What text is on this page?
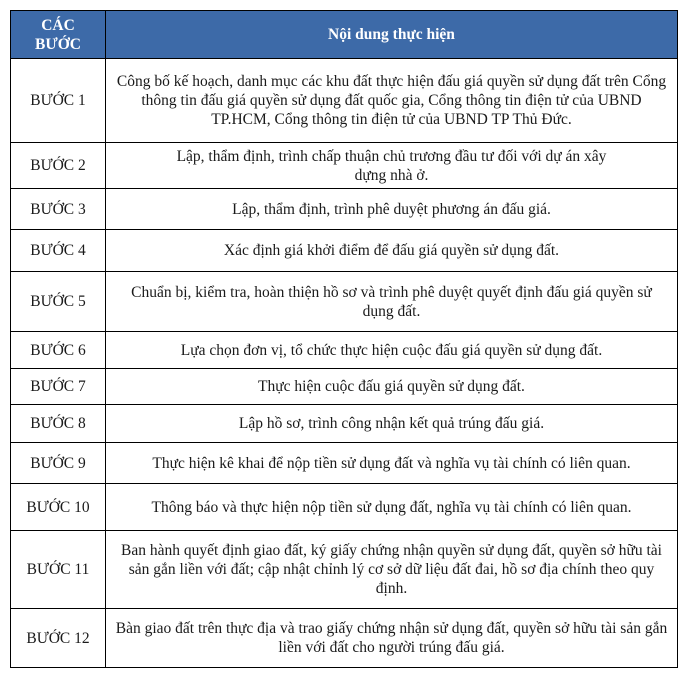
CÁC
BƯỚC	Nội dung thực hiện
BƯỚC 1	Công bố kế hoạch, danh mục các khu đất thực hiện đấu giá quyền sử dụng đất trên Cổng thông tin đấu giá quyền sử dụng đất quốc gia, Cổng thông tin điện tử của UBND TP.HCM, Cổng thông tin điện tử của UBND TP Thủ Đức.
BƯỚC 2	Lập, thẩm định, trình chấp thuận chủ trương đầu tư đối với dự án xây dựng nhà ở.
BƯỚC 3	Lập, thẩm định, trình phê duyệt phương án đấu giá.
BƯỚC 4	Xác định giá khởi điểm để đấu giá quyền sử dụng đất.
BƯỚC 5	Chuẩn bị, kiểm tra, hoàn thiện hồ sơ và trình phê duyệt quyết định đấu giá quyền sử dụng đất.
BƯỚC 6	Lựa chọn đơn vị, tổ chức thực hiện cuộc đấu giá quyền sử dụng đất.
BƯỚC 7	Thực hiện cuộc đấu giá quyền sử dụng đất.
BƯỚC 8	Lập hồ sơ, trình công nhận kết quả trúng đấu giá.
BƯỚC 9	Thực hiện kê khai để nộp tiền sử dụng đất và nghĩa vụ tài chính có liên quan.
BƯỚC 10	Thông báo và thực hiện nộp tiền sử dụng đất, nghĩa vụ tài chính có liên quan.
BƯỚC 11	Ban hành quyết định giao đất, ký giấy chứng nhận quyền sử dụng đất, quyền sở hữu tài sản gắn liền với đất; cập nhật chỉnh lý cơ sở dữ liệu đất đai, hồ sơ địa chính theo quy định.
BƯỚC 12	Bàn giao đất trên thực địa và trao giấy chứng nhận sử dụng đất, quyền sở hữu tài sản gắn liền với đất cho người trúng đấu giá.
